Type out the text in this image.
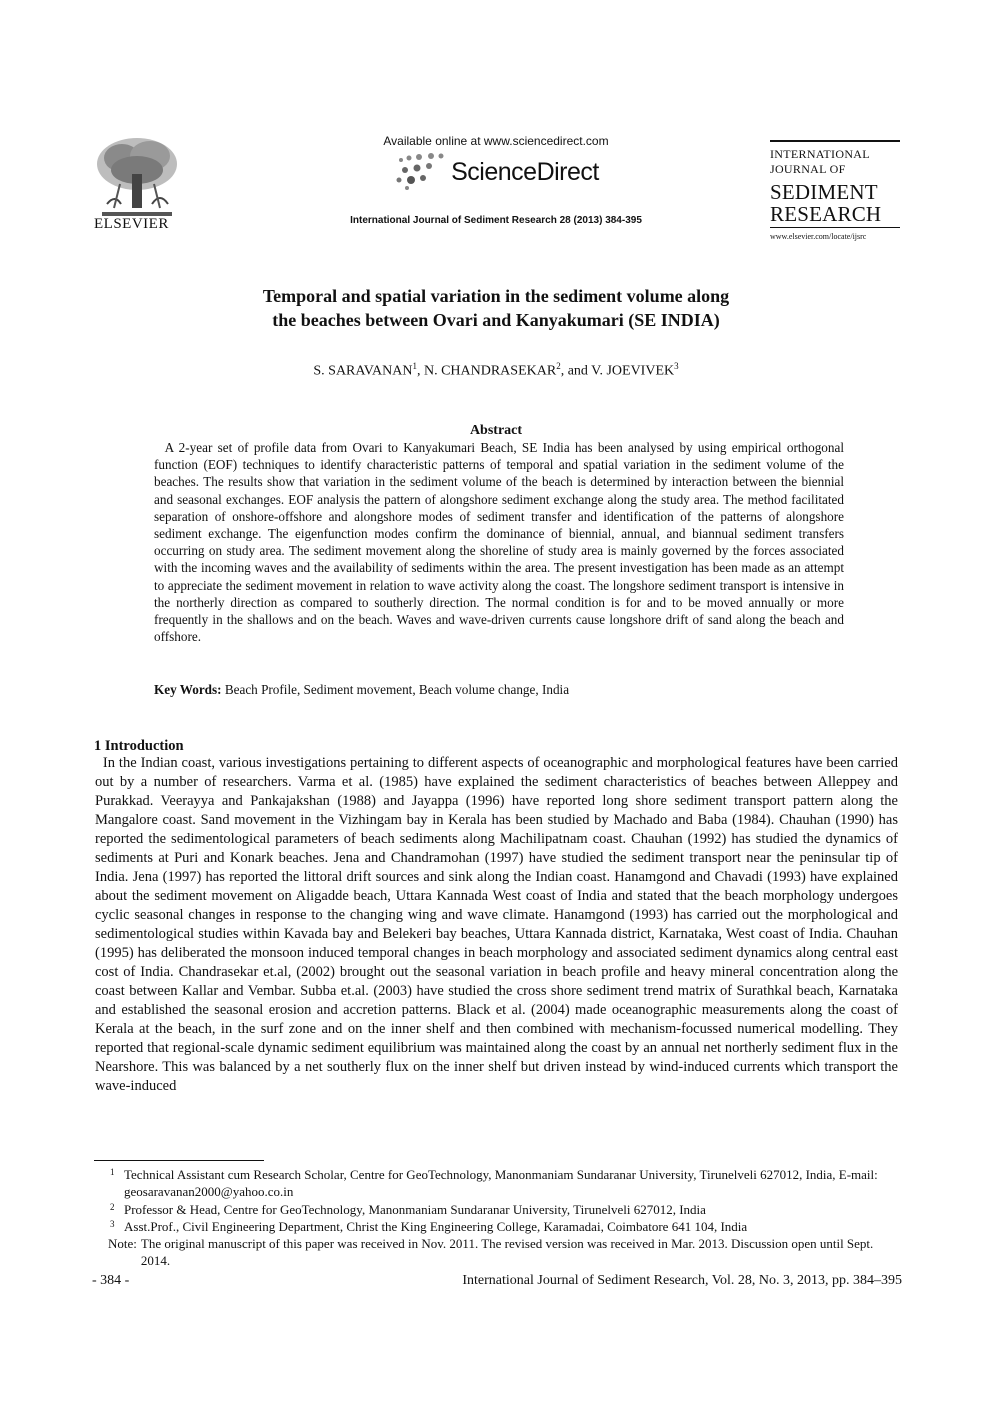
ELSEVIER
Available online at www.sciencedirect.com
ScienceDirect
International Journal of Sediment Research 28 (2013) 384-395
INTERNATIONAL
JOURNAL OF
SEDIMENT
RESEARCH
www.elsevier.com/locate/ijsrc
Temporal and spatial variation in the sediment volume along
the beaches between Ovari and Kanyakumari (SE INDIA)
S. SARAVANAN$^1$, N. CHANDRASEKAR$^2$, and V. JOEVIVEK$^3$
Abstract
A 2-year set of profile data from Ovari to Kanyakumari Beach, SE India has been analysed by using empirical orthogonal function (EOF) techniques to identify characteristic patterns of temporal and spatial variation in the sediment volume of the beaches. The results show that variation in the sediment volume of the beach is determined by interaction between the biennial and seasonal exchanges. EOF analysis the pattern of alongshore sediment exchange along the study area. The method facilitated separation of onshore-offshore and alongshore modes of sediment transfer and identification of the patterns of alongshore sediment exchange. The eigenfunction modes confirm the dominance of biennial, annual, and biannual sediment transfers occurring on study area. The sediment movement along the shoreline of study area is mainly governed by the forces associated with the incoming waves and the availability of sediments within the area. The present investigation has been made as an attempt to appreciate the sediment movement in relation to wave activity along the coast. The longshore sediment transport is intensive in the northerly direction as compared to southerly direction. The normal condition is for and to be moved annually or more frequently in the shallows and on the beach. Waves and wave-driven currents cause longshore drift of sand along the beach and offshore.
Key Words: Beach Profile, Sediment movement, Beach volume change, India
1 Introduction
In the Indian coast, various investigations pertaining to different aspects of oceanographic and morphological features have been carried out by a number of researchers. Varma et al. (1985) have explained the sediment characteristics of beaches between Alleppey and Purakkad. Veerayya and Pankajakshan (1988) and Jayappa (1996) have reported long shore sediment transport pattern along the Mangalore coast. Sand movement in the Vizhingam bay in Kerala has been studied by Machado and Baba (1984). Chauhan (1990) has reported the sedimentological parameters of beach sediments along Machilipatnam coast. Chauhan (1992) has studied the dynamics of sediments at Puri and Konark beaches. Jena and Chandramohan (1997) have studied the sediment transport near the peninsular tip of India. Jena (1997) has reported the littoral drift sources and sink along the Indian coast. Hanamgond and Chavadi (1993) have explained about the sediment movement on Aligadde beach, Uttara Kannada West coast of India and stated that the beach morphology undergoes cyclic seasonal changes in response to the changing wing and wave climate. Hanamgond (1993) has carried out the morphological and sedimentological studies within Kavada bay and Belekeri bay beaches, Uttara Kannada district, Karnataka, West coast of India. Chauhan (1995) has deliberated the monsoon induced temporal changes in beach morphology and associated sediment dynamics along central east cost of India. Chandrasekar et.al, (2002) brought out the seasonal variation in beach profile and heavy mineral concentration along the coast between Kallar and Vembar. Subba et.al. (2003) have studied the cross shore sediment trend matrix of Surathkal beach, Karnataka and established the seasonal erosion and accretion patterns. Black et al. (2004) made oceanographic measurements along the coast of Kerala at the beach, in the surf zone and on the inner shelf and then combined with mechanism-focussed numerical modelling. They reported that regional-scale dynamic sediment equilibrium was maintained along the coast by an annual net northerly sediment flux in the Nearshore. This was balanced by a net southerly flux on the inner shelf but driven instead by wind-induced currents which transport the wave-induced
1 Technical Assistant cum Research Scholar, Centre for GeoTechnology, Manonmaniam Sundaranar University, Tirunelveli 627012, India, E-mail: geosaravanan2000@yahoo.co.in
2 Professor & Head, Centre for GeoTechnology, Manonmaniam Sundaranar University, Tirunelveli 627012, India
3 Asst.Prof., Civil Engineering Department, Christ the King Engineering College, Karamadai, Coimbatore 641 104, India
Note: The original manuscript of this paper was received in Nov. 2011. The revised version was received in Mar. 2013. Discussion open until Sept. 2014.
- 384 -	International Journal of Sediment Research, Vol. 28, No. 3, 2013, pp. 384–395
